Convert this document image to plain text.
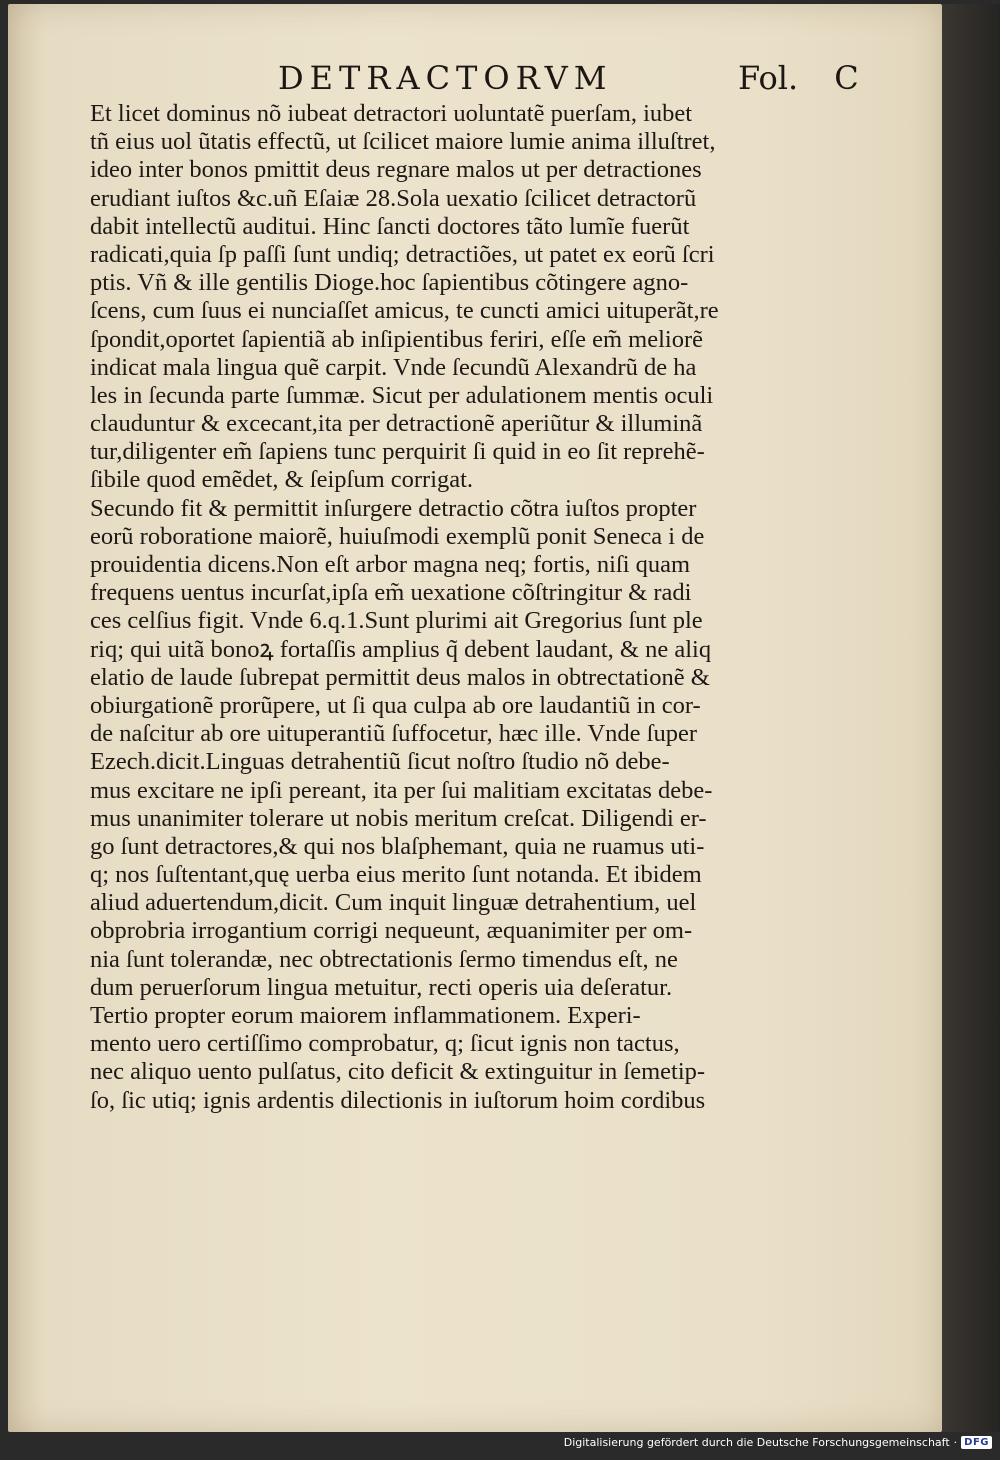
DETRACTORVM	Fol. C
Et licet dominus nõ iubeat detractori uoluntatẽ puerſam, iubet
tñ eius uol ũtatis effectũ, ut ſcilicet maiore lumie anima illuſtret,
ideo inter bonos pmittit deus regnare malos ut per detractiones
erudiant iuſtos &c.uñ Eſaiæ 28.Sola uexatio ſcilicet detractorũ
dabit intellectũ auditui. Hinc ſancti doctores tãto lumĩe fuerũt
radicati,quia ſp paſſi ſunt undiq; detractiões, ut patet ex eorũ ſcri
ptis. Vñ & ille gentilis Dioge.hoc ſapientibus cõtingere agno-
ſcens, cum ſuus ei nunciaſſet amicus, te cuncti amici uituperãt,re
ſpondit,oportet ſapientiã ab inſipientibus feriri, eſſe em̃ meliorẽ
indicat mala lingua quẽ carpit. Vnde ſecundũ Alexandrũ de ha
les in ſecunda parte ſummæ. Sicut per adulationem mentis oculi
clauduntur & excecant,ita per detractionẽ aperiũtur & illuminã
tur,diligenter em̃ ſapiens tunc perquirit ſi quid in eo ſit reprehẽ-
ſibile quod emẽdet, & ſeipſum corrigat.
Secundo fit & permittit inſurgere detractio cõtra iuſtos propter
eorũ roboratione maiorẽ, huiuſmodi exemplũ ponit Seneca i de
prouidentia dicens.Non eſt arbor magna neq; fortis, niſi quam
frequens uentus incurſat,ipſa em̃ uexatione cõſtringitur & radi
ces celſius figit. Vnde 6.q.1.Sunt plurimi ait Gregorius ſunt ple
riq; qui uitã bonoꝝ fortaſſis amplius q̃ debent laudant, & ne aliq
elatio de laude ſubrepat permittit deus malos in obtrectationẽ &
obiurgationẽ prorũpere, ut ſi qua culpa ab ore laudantiũ in cor-
de naſcitur ab ore uituperantiũ ſuffocetur, hæc ille. Vnde ſuper
Ezech.dicit.Linguas detrahentiũ ſicut noſtro ſtudio nõ debe-
mus excitare ne ipſi pereant, ita per ſui malitiam excitatas debe-
mus unanimiter tolerare ut nobis meritum creſcat. Diligendi er-
go ſunt detractores,& qui nos blaſphemant, quia ne ruamus uti-
q; nos ſuſtentant,quę uerba eius merito ſunt notanda. Et ibidem
aliud aduertendum,dicit. Cum inquit linguæ detrahentium, uel
obprobria irrogantium corrigi nequeunt, æquanimiter per om-
nia ſunt tolerandæ, nec obtrectationis ſermo timendus eſt, ne
dum peruerſorum lingua metuitur, recti operis uia deſeratur.
Tertio propter eorum maiorem inflammationem. Experi-
mento uero certiſſimo comprobatur, q; ſicut ignis non tactus,
nec aliquo uento pulſatus, cito deficit & extinguitur in ſemetip-
ſo, ſic utiq; ignis ardentis dilectionis in iuſtorum hoim cordibus
Digitalisierung gefördert durch die Deutsche Forschungsgemeinschaft · DFG
